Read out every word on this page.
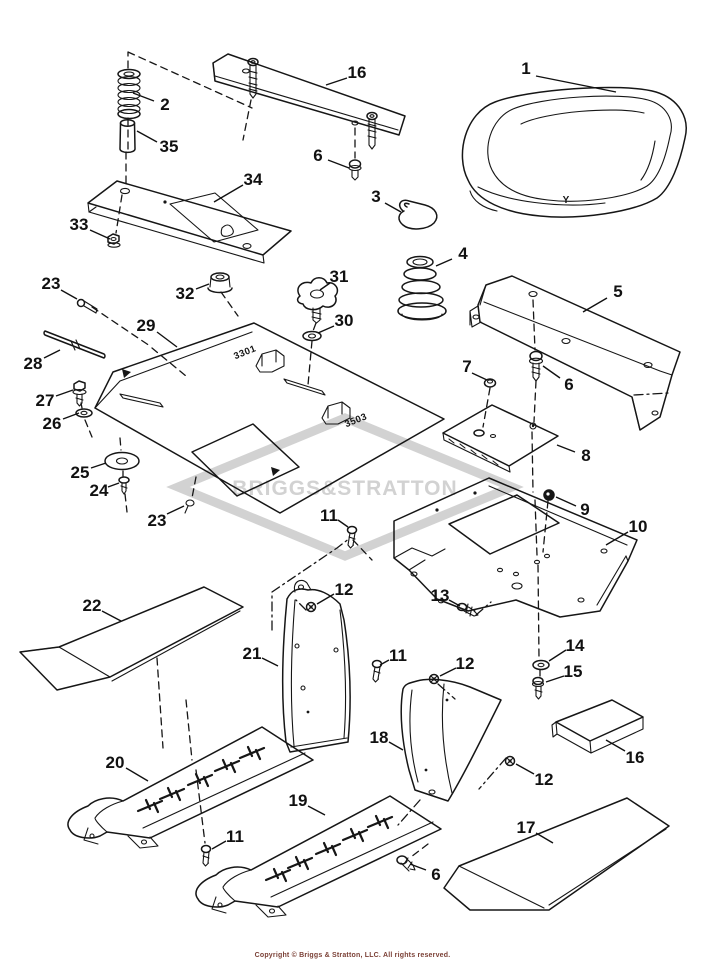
BRIGGS&STRATTON
3301
3503
Y
1
2
35
16
6
34
33
3
4
5
31
30
32
29
23
28
27
26
25
24
23
7
6
8
9
10
11
13
14
15
12
11	12
22
21
18
16
12
17
6
20
19
11
Copyright © Briggs & Stratton, LLC. All rights reserved.
